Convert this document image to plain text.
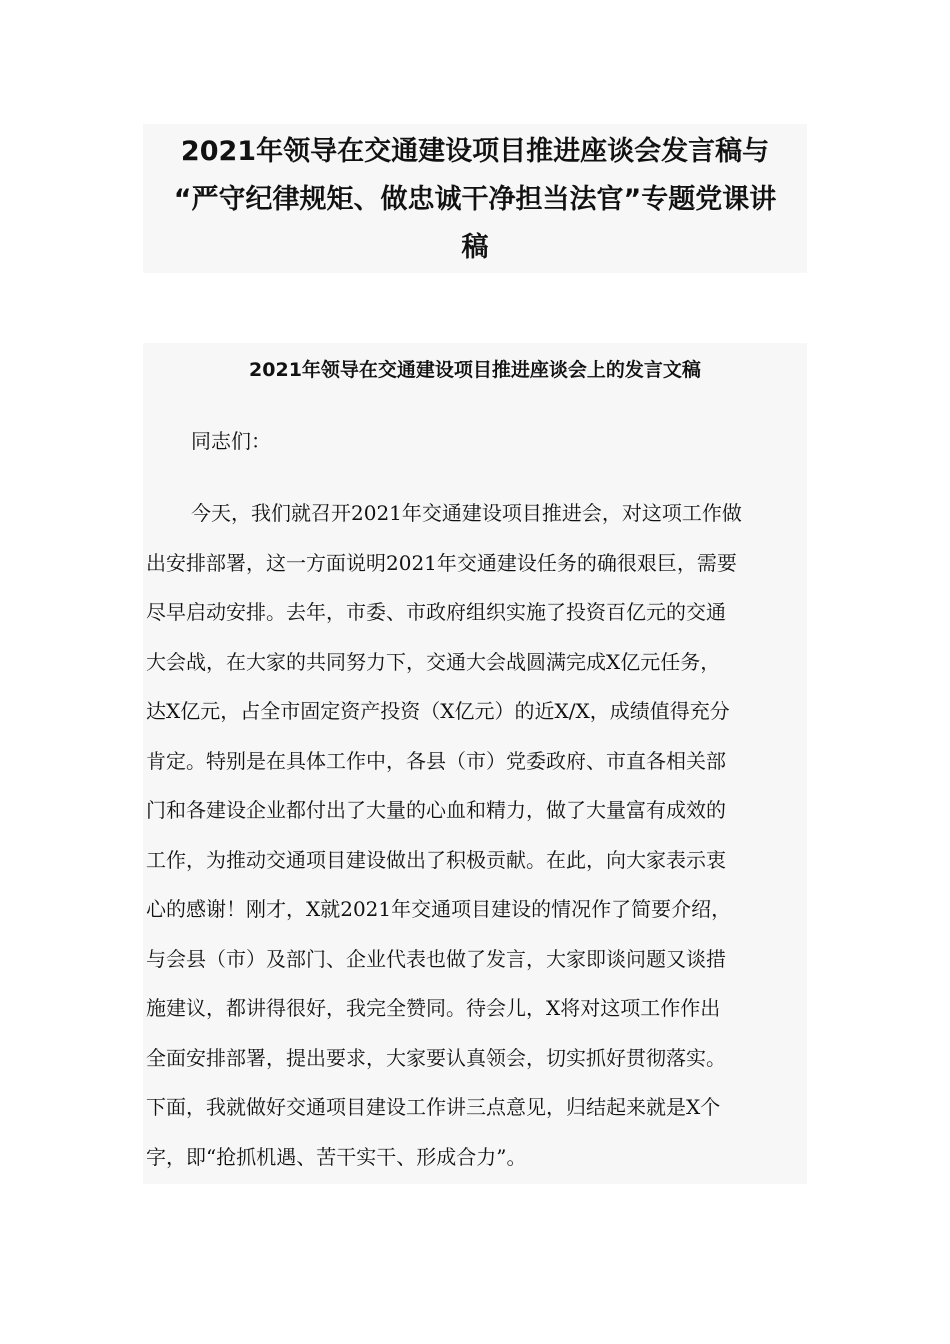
2021年领导在交通建设项目推进座谈会发言稿与
“严守纪律规矩、做忠诚干净担当法官”专题党课讲
稿
2021年领导在交通建设项目推进座谈会上的发言文稿
同志们：
今天，我们就召开2021年交通建设项目推进会，对这项工作做
出安排部署，这一方面说明2021年交通建设任务的确很艰巨，需要
尽早启动安排。去年，市委、市政府组织实施了投资百亿元的交通
大会战，在大家的共同努力下，交通大会战圆满完成X亿元任务，
达X亿元，占全市固定资产投资（X亿元）的近X/X，成绩值得充分
肯定。特别是在具体工作中，各县（市）党委政府、市直各相关部
门和各建设企业都付出了大量的心血和精力，做了大量富有成效的
工作，为推动交通项目建设做出了积极贡献。在此，向大家表示衷
心的感谢！刚才，X就2021年交通项目建设的情况作了简要介绍，
与会县（市）及部门、企业代表也做了发言，大家即谈问题又谈措
施建议，都讲得很好，我完全赞同。待会儿，X将对这项工作作出
全面安排部署，提出要求，大家要认真领会，切实抓好贯彻落实。
下面，我就做好交通项目建设工作讲三点意见，归结起来就是X个
字，即“抢抓机遇、苦干实干、形成合力”。
